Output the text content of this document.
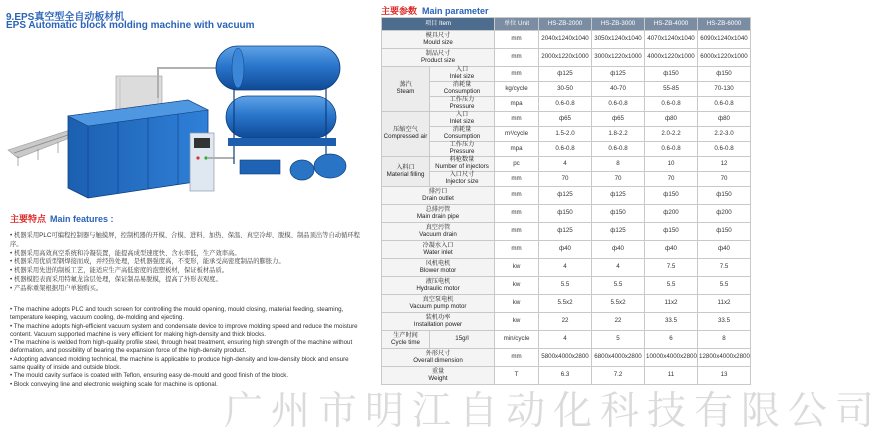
9.EPS真空型全自动板材机
EPS Automatic block molding machine with vacuum
主要特点 Main features :
• 机器采用PLC可编程控制器与触摸屏，控制机器的开模、合模、进料、加热、保温、真空冷却、脱模、制品顶出等自动循环程序。
• 机器采用高效真空系统和冷凝装置，能提高成型速度快、含水率低，生产效率高。
• 机器采用优质型钢焊接而成，并经热处理，是机器强度高，不变形，能承受高密度制品的膨胀力。
• 机器采用先进的制板工艺，能适应生产高低密度的泡塑板材，保证板材品质。
• 机器模腔表面采用特氟龙涂层处理，保证制品易脱模，提高了外形表观度。
• 产品称重架根据用户单独购买。
• The machine adopts PLC and touch screen for controlling the mould opening, mould closing, material feeding, steaming, temperature keeping, vacuum cooling, de-molding and ejecting.
• The machine adopts high-efficient vacuum system and condensate device to improve molding speed and reduce the moisture content. Vacuum supported machine is very efficient for making high-density and thick blocks.
• The machine is welded from high-quality profile steel, through heat treatment, ensuring high strength of the machine without deformation, and possibility of bearing the expansion force of the high-density product.
• Adopting advanced molding technical, the machine is applicable to produce high-density and low-density block and ensure same quality of inside and outside block.
• The mould cavity surface is coated with Teflon, ensuring easy de-mould and good finish of the block.
• Block conveying line and electronic weighing scale for machine is optional.
主要参数 Main parameter
项目 Item		单位 Unit	HS-ZB-2000	HS-ZB-3000	HS-ZB-4000	HS-ZB-6000
模具尺寸
Mould size		mm	2040x1240x1040	3050x1240x1040	4070x1240x1040	6090x1240x1040
制品尺寸
Product size		mm	2000x1220x1000	3000x1220x1000	4000x1220x1000	6000x1220x1000
蒸汽
Steam	入口
Inlet size	mm	ф125	ф125	ф150	ф150
	消耗量
Consumption	kg/cycle	30-50	40-70	55-85	70-130
	工作压力
Pressure	mpa	0.6-0.8	0.6-0.8	0.6-0.8	0.6-0.8
压缩空气
Compressed air	入口
Inlet size	mm	ф65	ф65	ф80	ф80
	消耗量
Consumption	m³/cycle	1.5-2.0	1.8-2.2	2.0-2.2	2.2-3.0
	工作压力
Pressure	mpa	0.6-0.8	0.6-0.8	0.6-0.8	0.6-0.8
入料口
Material filling	料枪数量
Number of injectors	pc	4	8	10	12
	入口尺寸
Injector size	mm	70	70	70	70
排污口
Drain outlet		mm	ф125	ф125	ф150	ф150
总排污管
Main drain pipe		mm	ф150	ф150	ф200	ф200
真空污管
Vacuum drain		mm	ф125	ф125	ф150	ф150
冷凝水入口
Water inlet		mm	ф40	ф40	ф40	ф40
风机电机
Blower motor		kw	4	4	7.5	7.5
液压电机
Hydraulic motor		kw	5.5	5.5	5.5	5.5
真空泵电机
Vacuum pump motor		kw	5.5x2	5.5x2	11x2	11x2
装机功率
Installation power		kw	22	22	33.5	33.5
生产时间
Cycle time	15g/l	min/cycle	4	5	6	8
外形尺寸
Overall dimension		mm	5800x4000x2800	6800x4000x2800	10000x4000x2800	12800x4000x2800
重量
Weight		T	6.3	7.2	11	13
广州市明江自动化科技有限公司
